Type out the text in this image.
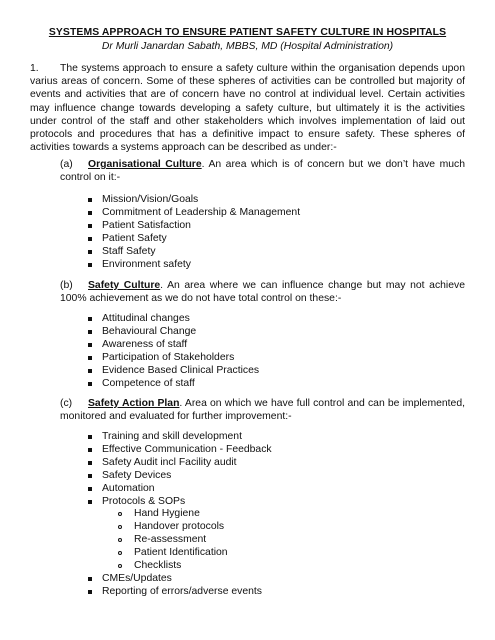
SYSTEMS APPROACH TO ENSURE PATIENT SAFETY CULTURE IN HOSPITALS
Dr Murli Janardan Sabath, MBBS, MD (Hospital Administration)
1. The systems approach to ensure a safety culture within the organisation depends upon varius areas of concern. Some of these spheres of activities can be controlled but majority of events and activities that are of concern have no control at individual level. Certain activities may influence change towards developing a safety culture, but ultimately it is the activities under control of the staff and other stakeholders which involves implementation of laid out protocols and procedures that has a definitive impact to ensure safety. These spheres of activities towards a systems approach can be described as under:-
(a) Organisational Culture. An area which is of concern but we don’t have much control on it:-
Mission/Vision/Goals
Commitment of Leadership & Management
Patient Satisfaction
Patient Safety
Staff Safety
Environment safety
(b) Safety Culture. An area where we can influence change but may not achieve 100% achievement as we do not have total control on these:-
Attitudinal changes
Behavioural Change
Awareness of staff
Participation of Stakeholders
Evidence Based Clinical Practices
Competence of staff
(c) Safety Action Plan. Area on which we have full control and can be implemented, monitored and evaluated for further improvement:-
Training and skill development
Effective Communication - Feedback
Safety Audit incl Facility audit
Safety Devices
Automation
Protocols & SOPs
Hand Hygiene
Handover protocols
Re-assessment
Patient Identification
Checklists
CMEs/Updates
Reporting of errors/adverse events
